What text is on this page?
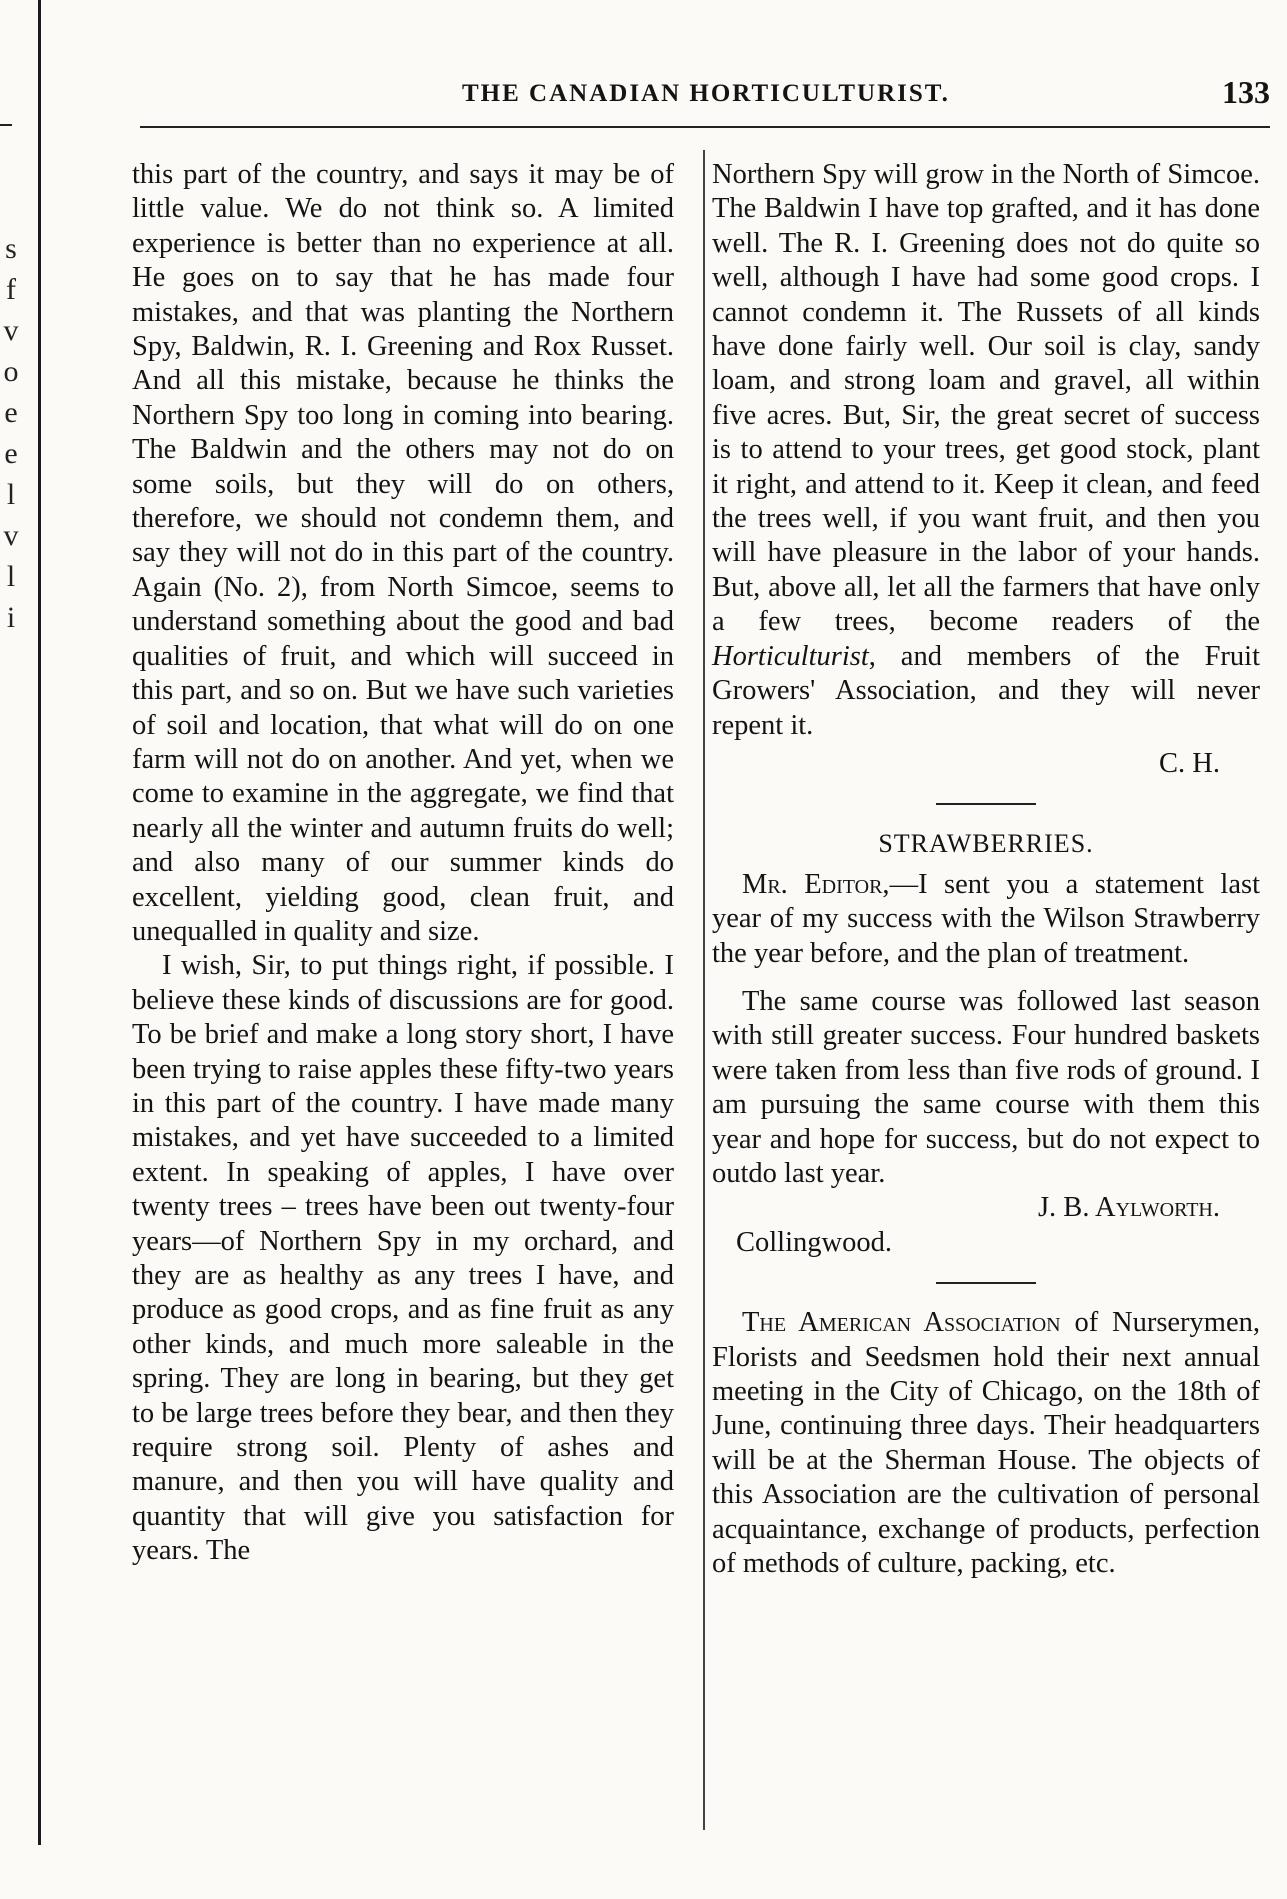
s
f
v
o
e
e
l
v
l
i
THE CANADIAN HORTICULTURIST.	133

this part of the country, and says it may be of little value. We do not think so. A limited experience is better than no experience at all. He goes on to say that he has made four mistakes, and that was planting the Northern Spy, Baldwin, R. I. Greening and Rox Russet. And all this mistake, because he thinks the Northern Spy too long in coming into bearing. The Baldwin and the others may not do on some soils, but they will do on others, therefore, we should not condemn them, and say they will not do in this part of the country. Again (No. 2), from North Simcoe, seems to understand something about the good and bad qualities of fruit, and which will succeed in this part, and so on. But we have such varieties of soil and location, that what will do on one farm will not do on another. And yet, when we come to examine in the aggregate, we find that nearly all the winter and autumn fruits do well; and also many of our summer kinds do excellent, yielding good, clean fruit, and unequalled in quality and size.

I wish, Sir, to put things right, if possible. I believe these kinds of discussions are for good. To be brief and make a long story short, I have been trying to raise apples these fifty-two years in this part of the country. I have made many mistakes, and yet have succeeded to a limited extent. In speaking of apples, I have over twenty trees – trees have been out twenty-four years—of Northern Spy in my orchard, and they are as healthy as any trees I have, and produce as good crops, and as fine fruit as any other kinds, and much more saleable in the spring. They are long in bearing, but they get to be large trees before they bear, and then they require strong soil. Plenty of ashes and manure, and then you will have quality and quantity that will give you satisfaction for years. The

Northern Spy will grow in the North of Simcoe. The Baldwin I have top grafted, and it has done well. The R. I. Greening does not do quite so well, although I have had some good crops. I cannot condemn it. The Russets of all kinds have done fairly well. Our soil is clay, sandy loam, and strong loam and gravel, all within five acres. But, Sir, the great secret of success is to attend to your trees, get good stock, plant it right, and attend to it. Keep it clean, and feed the trees well, if you want fruit, and then you will have pleasure in the labor of your hands. But, above all, let all the farmers that have only a few trees, become readers of the Horticulturist, and members of the Fruit Growers' Association, and they will never repent it.

C. H.
STRAWBERRIES.

Mr. Editor,—I sent you a statement last year of my success with the Wilson Strawberry the year before, and the plan of treatment.

The same course was followed last season with still greater success. Four hundred baskets were taken from less than five rods of ground. I am pursuing the same course with them this year and hope for success, but do not expect to outdo last year.

J. B. Aylworth.
Collingwood.

The American Association of Nurserymen, Florists and Seedsmen hold their next annual meeting in the City of Chicago, on the 18th of June, continuing three days. Their headquarters will be at the Sherman House. The objects of this Association are the cultivation of personal acquaintance, exchange of products, perfection of methods of culture, packing, etc.
